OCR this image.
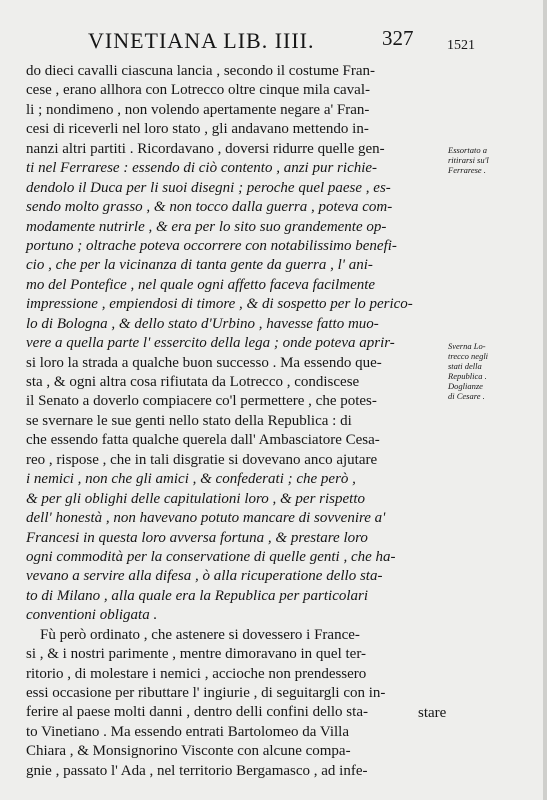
VINETIANA LIB. IIII.	327 1521
do dieci cavalli ciascuna lancia , secondo il costume Fran-
cese , erano allhora con Lotrecco oltre cinque mila caval-
li ; nondimeno , non volendo apertamente negare a' Fran-
cesi di riceverli nel loro stato , gli andavano mettendo in-
nanzi altri partiti . Ricordavano , doversi ridurre quelle gen-
ti nel Ferrarese : essendo di ciò contento , anzi pur richie-
dendolo il Duca per li suoi disegni ; peroche quel paese , es-
sendo molto grasso , & non tocco dalla guerra , poteva com-
modamente nutrirle , & era per lo sito suo grandemente op-
portuno ; oltrache poteva occorrere con notabilissimo benefi-
cio , che per la vicinanza di tanta gente da guerra , l' ani-
mo del Pontefice , nel quale ogni affetto faceva facilmente
impressione , empiendosi di timore , & di sospetto per lo perico-
lo di Bologna , & dello stato d'Urbino , havesse fatto muo-
vere a quella parte l' essercito della lega ; onde poteva aprir-
si loro la strada a qualche buon successo . Ma essendo que-
sta , & ogni altra cosa rifiutata da Lotrecco , condiscese
il Senato a doverlo compiacere co'l permettere , che potes-
se svernare le sue genti nello stato della Republica : di
che essendo fatta qualche querela dall' Ambasciatore Cesa-
reo , rispose , che in tali disgratie si dovevano anco ajutare
i nemici , non che gli amici , & confederati ; che però ,
& per gli oblighi delle capitulationi loro , & per rispetto
dell' honestà , non havevano potuto mancare di sovvenire a'
Francesi in questa loro avversa fortuna , & prestare loro
ogni commodità per la conservatione di quelle genti , che ha-
vevano a servire alla difesa , ò alla ricuperatione dello sta-
to di Milano , alla quale era la Republica per particolari
conventioni obligata .
Fù però ordinato , che astenere si dovessero i France-
si , & i nostri parimente , mentre dimoravano in quel ter-
ritorio , di molestare i nemici , accioche non prendessero
essi occasione per ributtare l' ingiurie , di seguitargli con in-
ferire al paese molti danni , dentro delli confini dello sta-
to Vinetiano . Ma essendo entrati Bartolomeo da Villa
Chiara , & Monsignorino Visconte con alcune compa-
gnie , passato l' Ada , nel territorio Bergamasco , ad infe-
stare
Essortato a
ritirarsi su'l
Ferrarese .
Sverna Lo-
trecco negli
stati della
Republica .
Doglianze
di Cesare .
